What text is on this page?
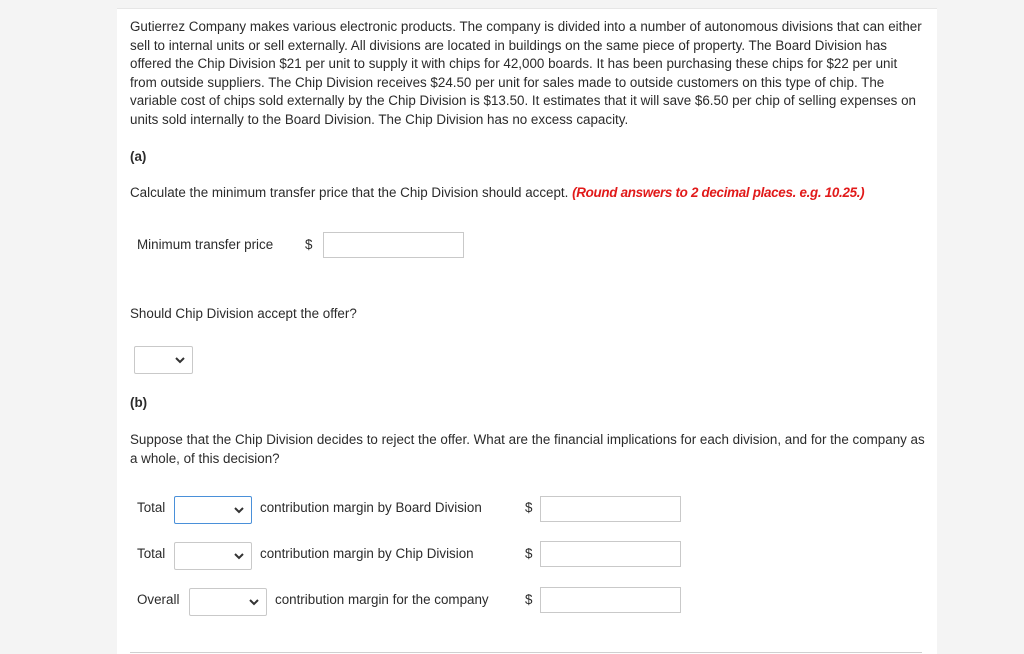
Gutierrez Company makes various electronic products. The company is divided into a number of autonomous divisions that can either sell to internal units or sell externally. All divisions are located in buildings on the same piece of property. The Board Division has offered the Chip Division $21 per unit to supply it with chips for 42,000 boards. It has been purchasing these chips for $22 per unit from outside suppliers. The Chip Division receives $24.50 per unit for sales made to outside customers on this type of chip. The variable cost of chips sold externally by the Chip Division is $13.50. It estimates that it will save $6.50 per chip of selling expenses on units sold internally to the Board Division. The Chip Division has no excess capacity.
(a)
Calculate the minimum transfer price that the Chip Division should accept. (Round answers to 2 decimal places. e.g. 10.25.)
Minimum transfer price $
Should Chip Division accept the offer?
(b)
Suppose that the Chip Division decides to reject the offer. What are the financial implications for each division, and for the company as a whole, of this decision?
Total	contribution margin by Board Division	$
Total	contribution margin by Chip Division	$
Overall	contribution margin for the company	$
